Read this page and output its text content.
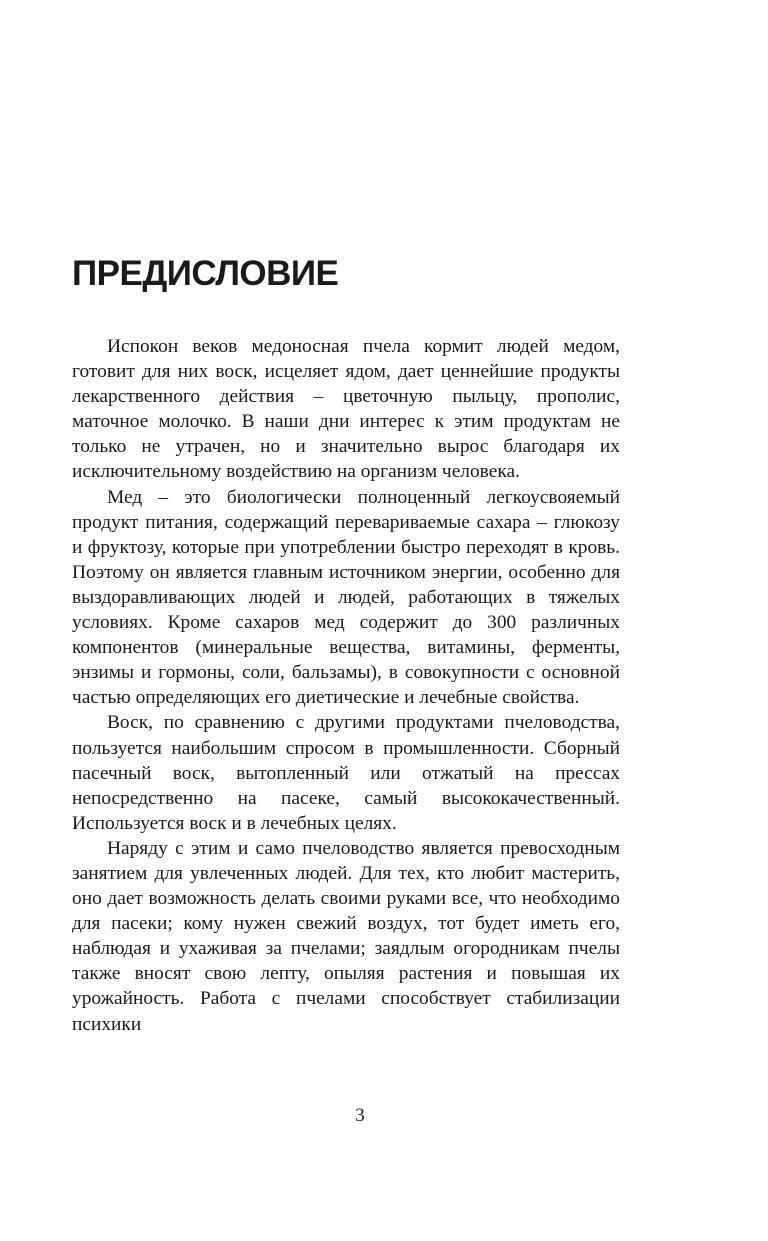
ПРЕДИСЛОВИЕ

Испокон веков медоносная пчела кормит людей медом, готовит для них воск, исцеляет ядом, дает ценнейшие продукты лекарственного действия – цветочную пыльцу, прополис, маточное молочко. В наши дни интерес к этим продуктам не только не утрачен, но и значительно вырос благодаря их исключительному воздействию на организм человека.

Мед – это биологически полноценный легкоусвояемый продукт питания, содержащий перевариваемые сахара – глюкозу и фруктозу, которые при употреблении быстро переходят в кровь. Поэтому он является главным источником энергии, особенно для выздоравливающих людей и людей, работающих в тяжелых условиях. Кроме сахаров мед содержит до 300 различных компонентов (минеральные вещества, витамины, ферменты, энзимы и гормоны, соли, бальзамы), в совокупности с основной частью определяющих его диетические и лечебные свойства.

Воск, по сравнению с другими продуктами пчеловодства, пользуется наибольшим спросом в промышленности. Сборный пасечный воск, вытопленный или отжатый на прессах непосредственно на пасеке, самый высококачественный. Используется воск и в лечебных целях.

Наряду с этим и само пчеловодство является превосходным занятием для увлеченных людей. Для тех, кто любит мастерить, оно дает возможность делать своими руками все, что необходимо для пасеки; кому нужен свежий воздух, тот будет иметь его, наблюдая и ухаживая за пчелами; заядлым огородникам пчелы также вносят свою лепту, опыляя растения и повышая их урожайность. Работа с пчелами способствует стабилизации психики

3
